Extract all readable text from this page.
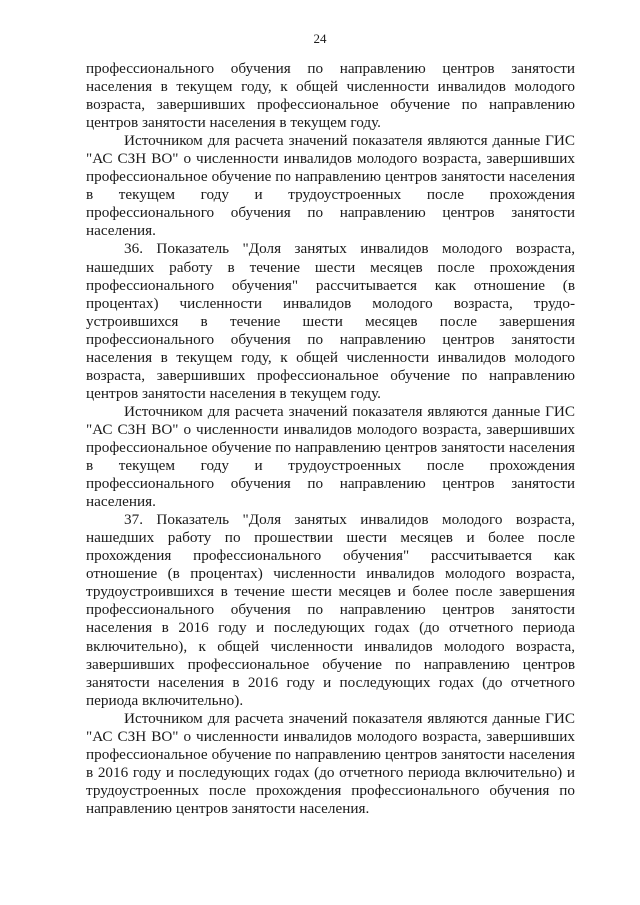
24

профессионального обучения по направлению центров занятости населения в текущем году, к общей численности инвалидов молодого возраста, завершивших профессиональное обучение по направлению центров занятости населения в текущем году.

Источником для расчета значений показателя являются данные ГИС "АС СЗН ВО" о численности инвалидов молодого возраста, завершивших профессиональное обучение по направлению центров занятости населения в текущем году и трудоустроенных после прохождения профессионального обучения по направлению центров занятости населения.

36. Показатель "Доля занятых инвалидов молодого возраста, нашедших работу в течение шести месяцев после прохождения профессионального обучения" рассчитывается как отношение (в процентах) численности инвалидов молодого возраста, трудо-устроившихся в течение шести месяцев после завершения профессионального обучения по направлению центров занятости населения в текущем году, к общей численности инвалидов молодого возраста, завершивших профессиональное обучение по направлению центров занятости населения в текущем году.

Источником для расчета значений показателя являются данные ГИС "АС СЗН ВО" о численности инвалидов молодого возраста, завершивших профессиональное обучение по направлению центров занятости населения в текущем году и трудоустроенных после прохождения профессионального обучения по направлению центров занятости населения.

37. Показатель "Доля занятых инвалидов молодого возраста, нашедших работу по прошествии шести месяцев и более после прохождения профессионального обучения" рассчитывается как отношение (в процентах) численности инвалидов молодого возраста, трудоустроившихся в течение шести месяцев и более после завершения профессионального обучения по направлению центров занятости населения в 2016 году и последующих годах (до отчетного периода включительно), к общей численности инвалидов молодого возраста, завершивших профессиональное обучение по направлению центров занятости населения в 2016 году и последующих годах (до отчетного периода включительно).

Источником для расчета значений показателя являются данные ГИС "АС СЗН ВО" о численности инвалидов молодого возраста, завершивших профессиональное обучение по направлению центров занятости населения в 2016 году и последующих годах (до отчетного периода включительно) и трудоустроенных после прохождения профессионального обучения по направлению центров занятости населения.
